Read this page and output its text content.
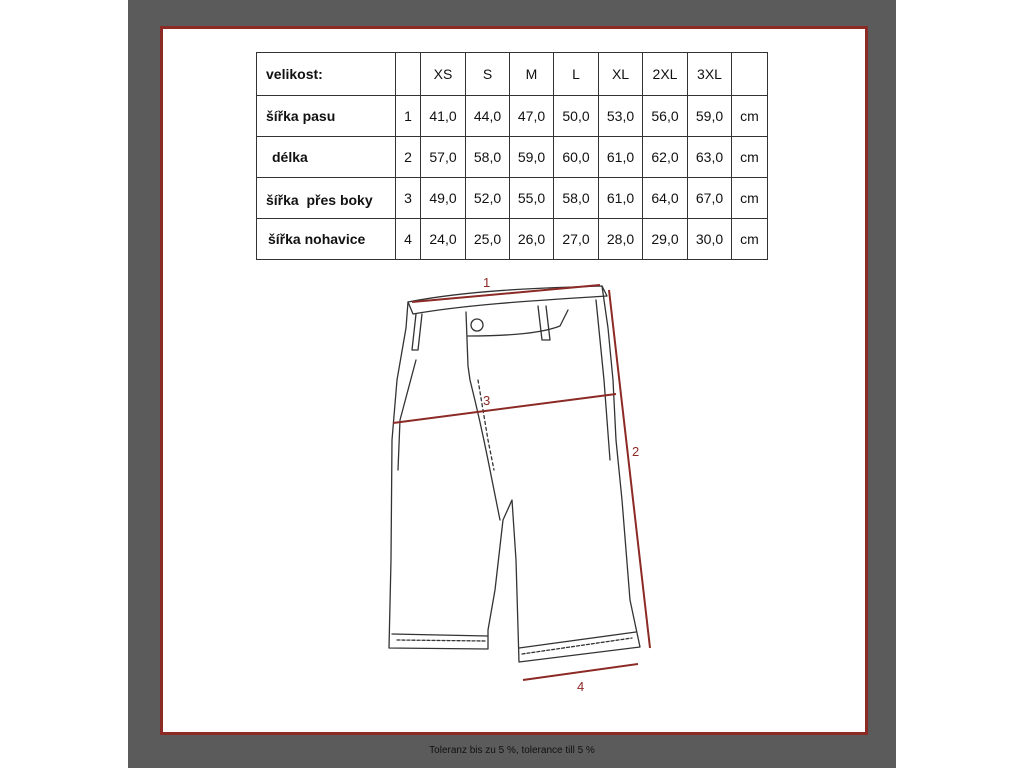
velikost:		XS	S	M	L	XL	2XL	3XL	
šířka pasu	1	41,0	44,0	47,0	50,0	53,0	56,0	59,0	cm
délka	2	57,0	58,0	59,0	60,0	61,0	62,0	63,0	cm
šířka  přes boky	3	49,0	52,0	55,0	58,0	61,0	64,0	67,0	cm
šířka nohavice	4	24,0	25,0	26,0	27,0	28,0	29,0	30,0	cm
1
3
2
4
Toleranz bis zu 5 %, tolerance till 5 %
